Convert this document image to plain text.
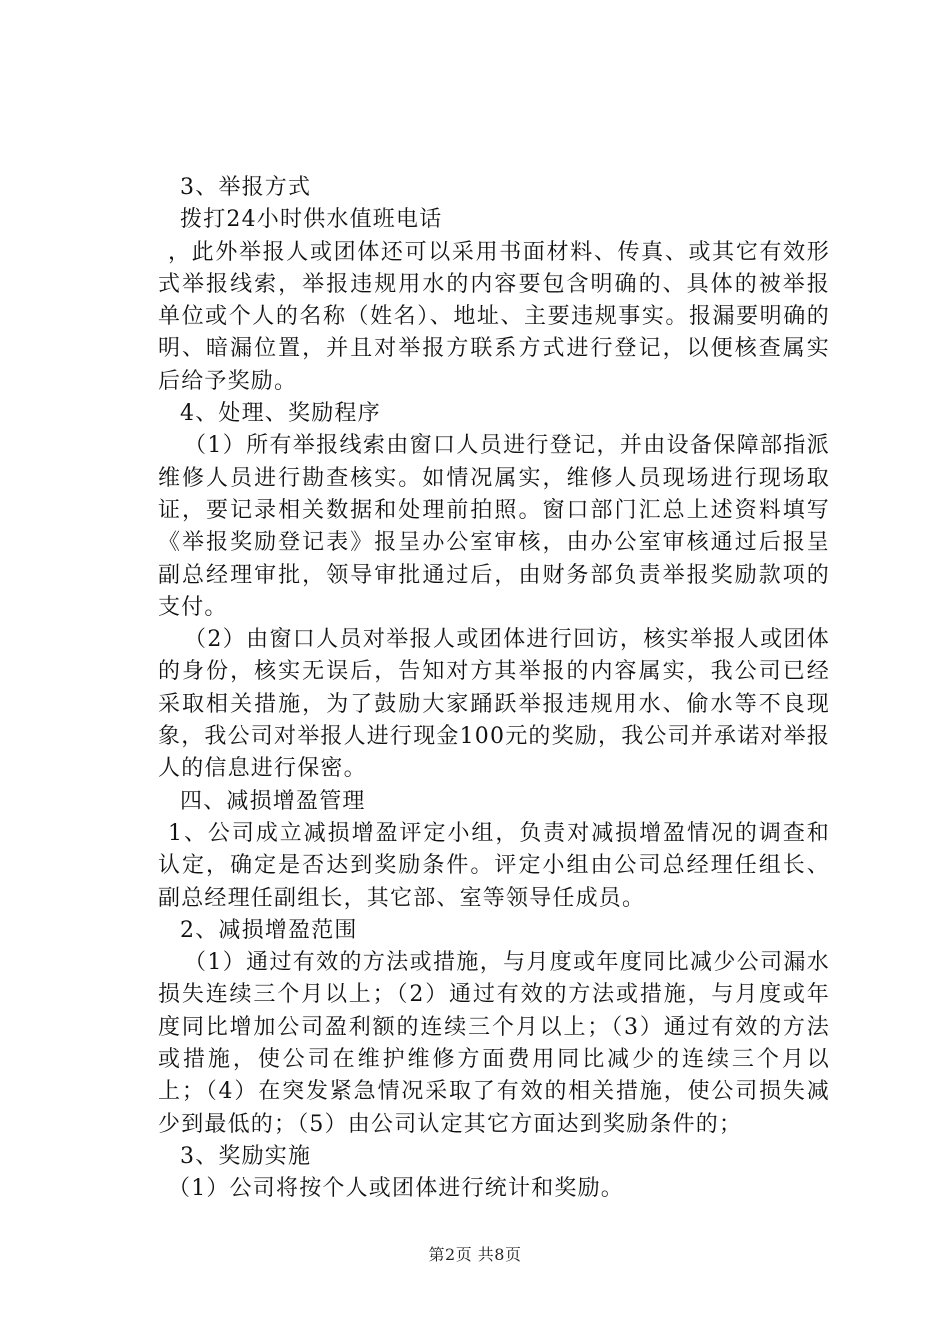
3、举报方式

拨打24小时供水值班电话

，此外举报人或团体还可以采用书面材料、传真、或其它有效形式举报线索，举报违规用水的内容要包含明确的、具体的被举报单位或个人的名称（姓名）、地址、主要违规事实。报漏要明确的明、暗漏位置，并且对举报方联系方式进行登记，以便核查属实后给予奖励。

4、处理、奖励程序

（1）所有举报线索由窗口人员进行登记，并由设备保障部指派维修人员进行勘查核实。如情况属实，维修人员现场进行现场取证，要记录相关数据和处理前拍照。窗口部门汇总上述资料填写《举报奖励登记表》报呈办公室审核，由办公室审核通过后报呈副总经理审批，领导审批通过后，由财务部负责举报奖励款项的支付。

（2）由窗口人员对举报人或团体进行回访，核实举报人或团体的身份，核实无误后，告知对方其举报的内容属实，我公司已经采取相关措施，为了鼓励大家踊跃举报违规用水、偷水等不良现象，我公司对举报人进行现金100元的奖励，我公司并承诺对举报人的信息进行保密。

四、减损增盈管理

1、公司成立减损增盈评定小组，负责对减损增盈情况的调查和认定，确定是否达到奖励条件。评定小组由公司总经理任组长、副总经理任副组长，其它部、室等领导任成员。

2、减损增盈范围

（1）通过有效的方法或措施，与月度或年度同比减少公司漏水损失连续三个月以上；（2）通过有效的方法或措施，与月度或年度同比增加公司盈利额的连续三个月以上；（3）通过有效的方法或措施，使公司在维护维修方面费用同比减少的连续三个月以上；（4）在突发紧急情况采取了有效的相关措施，使公司损失减少到最低的；（5）由公司认定其它方面达到奖励条件的；

3、奖励实施

（1）公司将按个人或团体进行统计和奖励。

第2页 共8页
